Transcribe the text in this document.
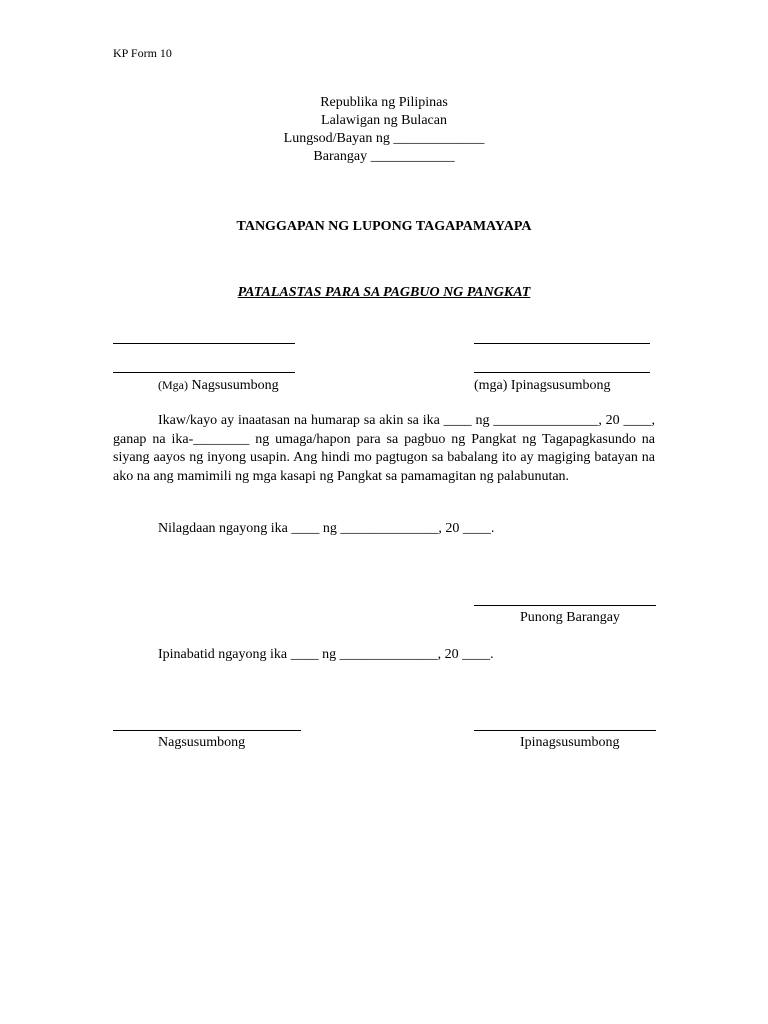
KP Form 10
Republika ng Pilipinas
Lalawigan ng Bulacan
Lungsod/Bayan ng _____________
Barangay ____________
TANGGAPAN NG LUPONG TAGAPAMAYAPA
PATALASTAS PARA SA PAGBUO NG PANGKAT
(Mga) Nagsusumbong	(mga) Ipinagsusumbong
Ikaw/kayo ay inaatasan na humarap sa akin sa ika ____ ng _______________, 20 ____, ganap na ika-________ ng umaga/hapon para sa pagbuo ng Pangkat ng Tagapagkasundo na siyang aayos ng inyong usapin. Ang hindi mo pagtugon sa babalang ito ay magiging batayan na ako na ang mamimili ng mga kasapi ng Pangkat sa pamamagitan ng palabunutan.
Nilagdaan ngayong ika ____ ng ______________, 20 ____.
Punong Barangay
Ipinabatid ngayong ika ____ ng ______________, 20 ____.
Nagsusumbong	Ipinagsusumbong
